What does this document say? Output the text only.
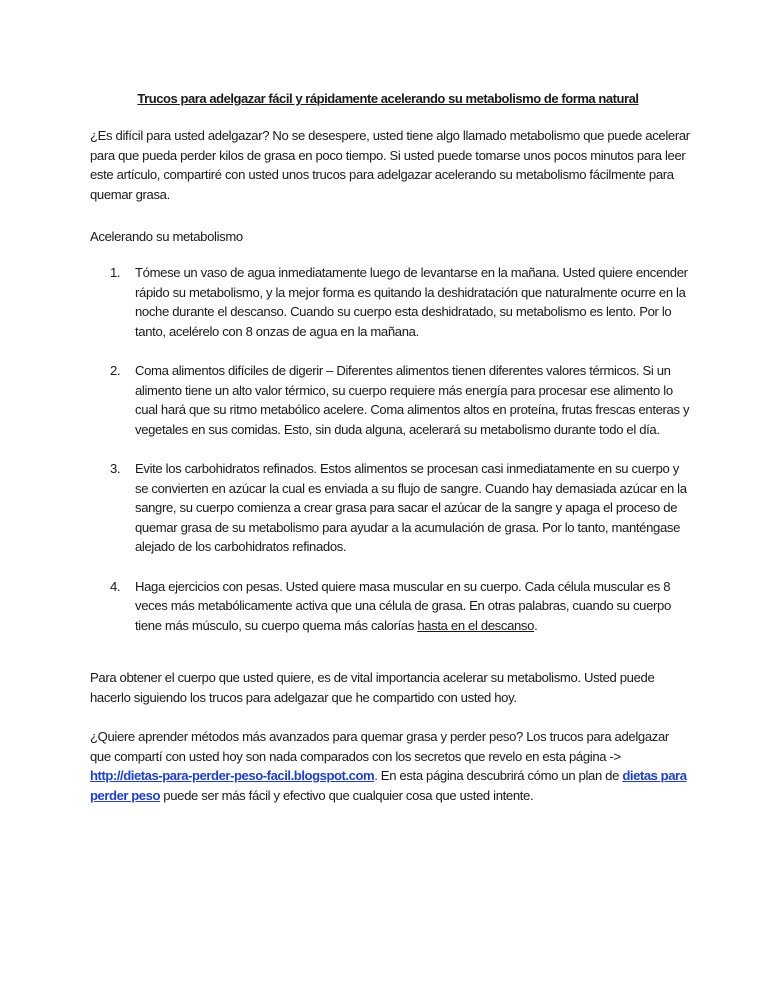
Trucos para adelgazar fácil y rápidamente acelerando su metabolismo de forma natural

¿Es difícil para usted adelgazar? No se desespere, usted tiene algo llamado metabolismo que puede acelerar para que pueda perder kilos de grasa en poco tiempo. Si usted puede tomarse unos pocos minutos para leer este artículo, compartiré con usted unos trucos para adelgazar acelerando su metabolismo fácilmente para quemar grasa.

Acelerando su metabolismo

1. Tómese un vaso de agua inmediatamente luego de levantarse en la mañana. Usted quiere encender rápido su metabolismo, y la mejor forma es quitando la deshidratación que naturalmente ocurre en la noche durante el descanso. Cuando su cuerpo esta deshidratado, su metabolismo es lento. Por lo tanto, acelérelo con 8 onzas de agua en la mañana.
2. Coma alimentos difíciles de digerir – Diferentes alimentos tienen diferentes valores térmicos. Si un alimento tiene un alto valor térmico, su cuerpo requiere más energía para procesar ese alimento lo cual hará que su ritmo metabólico acelere. Coma alimentos altos en proteína, frutas frescas enteras y vegetales en sus comidas. Esto, sin duda alguna, acelerará su metabolismo durante todo el día.
3. Evite los carbohidratos refinados. Estos alimentos se procesan casi inmediatamente en su cuerpo y se convierten en azúcar la cual es enviada a su flujo de sangre. Cuando hay demasiada azúcar en la sangre, su cuerpo comienza a crear grasa para sacar el azúcar de la sangre y apaga el proceso de quemar grasa de su metabolismo para ayudar a la acumulación de grasa. Por lo tanto, manténgase alejado de los carbohidratos refinados.
4. Haga ejercicios con pesas. Usted quiere masa muscular en su cuerpo. Cada célula muscular es 8 veces más metabólicamente activa que una célula de grasa. En otras palabras, cuando su cuerpo tiene más músculo, su cuerpo quema más calorías hasta en el descanso.

Para obtener el cuerpo que usted quiere, es de vital importancia acelerar su metabolismo. Usted puede hacerlo siguiendo los trucos para adelgazar que he compartido con usted hoy.

¿Quiere aprender métodos más avanzados para quemar grasa y perder peso? Los trucos para adelgazar que compartí con usted hoy son nada comparados con los secretos que revelo en esta página -> http://dietas-para-perder-peso-facil.blogspot.com. En esta página descubrirá cómo un plan de dietas para perder peso puede ser más fácil y efectivo que cualquier cosa que usted intente.
